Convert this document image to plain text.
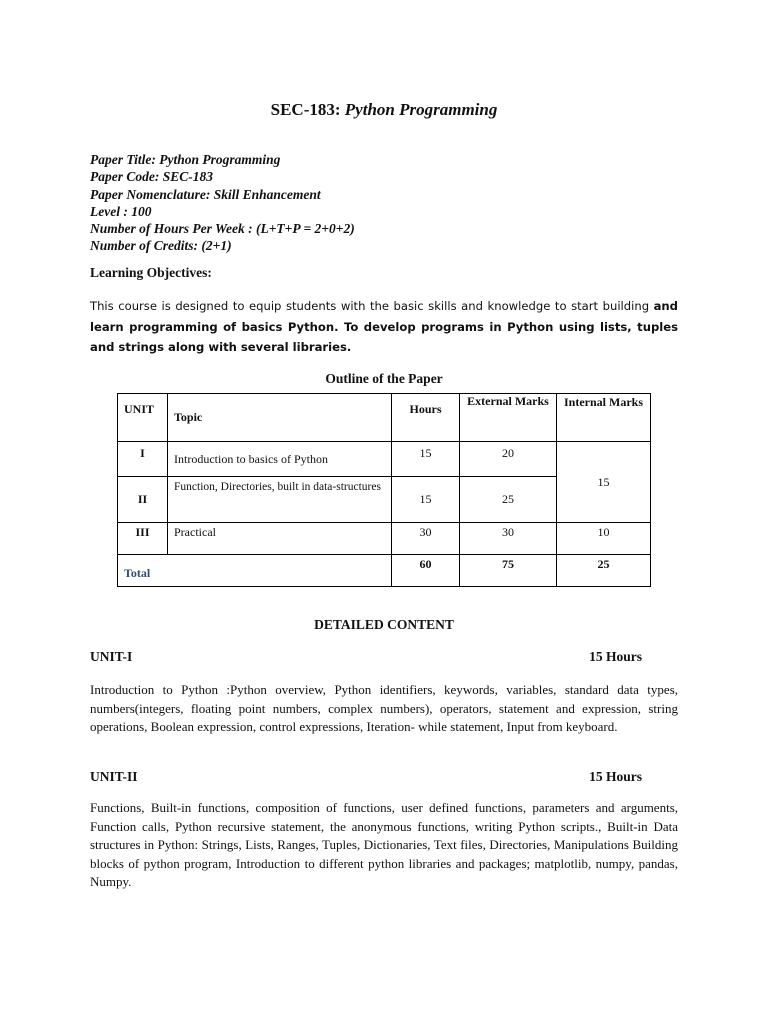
SEC-183: Python Programming
Paper Title: Python Programming
Paper Code: SEC-183
Paper Nomenclature: Skill Enhancement
Level : 100
Number of Hours Per Week : (L+T+P = 2+0+2)
Number of Credits: (2+1)
Learning Objectives:
This course is designed to equip students with the basic skills and knowledge to start building and learn programming of basics Python. To develop programs in Python using lists, tuples and strings along with several libraries.
Outline of the Paper
UNIT	Topic	Hours	External Marks	Internal Marks
I	Introduction to basics of Python	15	20	15
II	Function, Directories, built in data-structures	15	25	
III	Practical	30	30	10
Total		60	75	25
DETAILED CONTENT
UNIT-I	15 Hours
Introduction to Python :Python overview, Python identifiers, keywords, variables, standard data types, numbers(integers, floating point numbers, complex numbers), operators, statement and expression, string operations, Boolean expression, control expressions, Iteration- while statement, Input from keyboard.
UNIT-II	15 Hours
Functions, Built-in functions, composition of functions, user defined functions, parameters and arguments, Function calls, Python recursive statement, the anonymous functions, writing Python scripts., Built-in Data structures in Python: Strings, Lists, Ranges, Tuples, Dictionaries, Text files, Directories, Manipulations Building blocks of python program, Introduction to different python libraries and packages; matplotlib, numpy, pandas, Numpy.
